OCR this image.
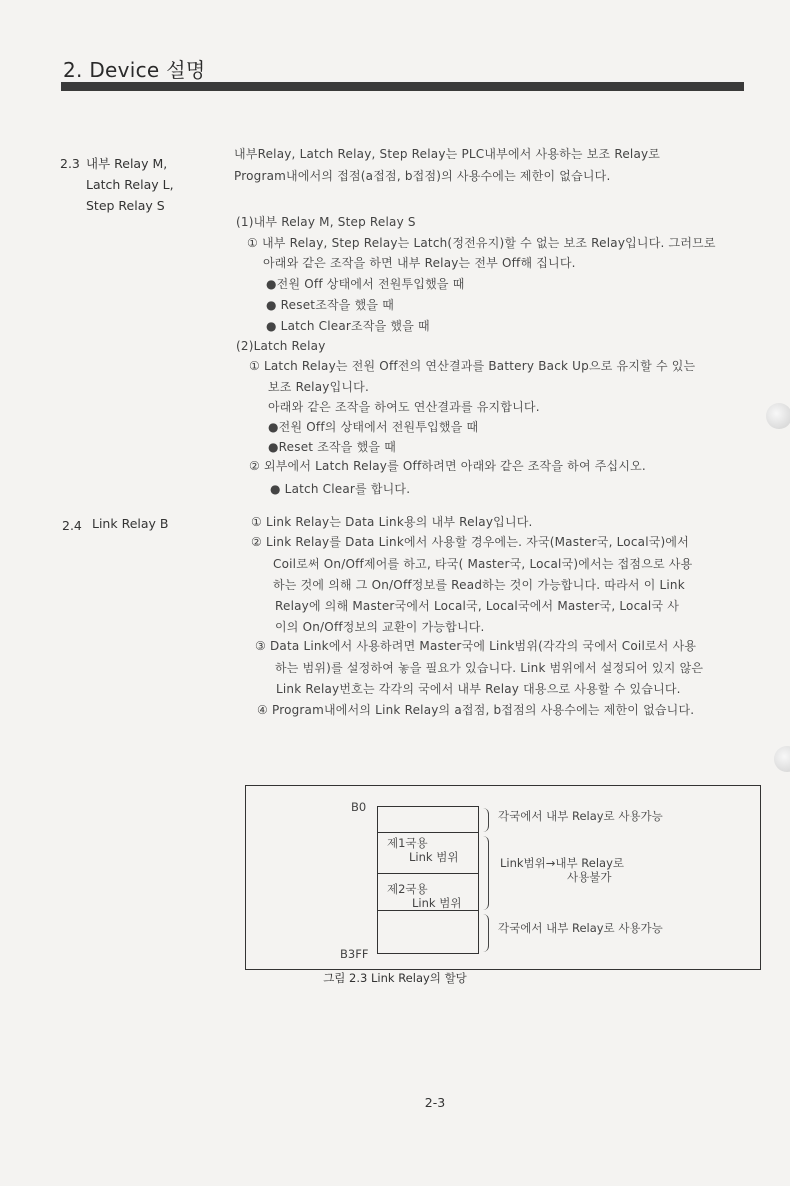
2. Device 설명
2.3 내부 Relay M,
Latch Relay L,
Step Relay S
내부Relay, Latch Relay, Step Relay는 PLC내부에서 사용하는 보조 Relay로
Program내에서의 접점(a접점, b접점)의 사용수에는 제한이 없습니다.
(1)내부 Relay M, Step Relay S
① 내부 Relay, Step Relay는 Latch(정전유지)할 수 없는 보조 Relay입니다. 그러므로
아래와 같은 조작을 하면 내부 Relay는 전부 Off해 집니다.
●전원 Off 상태에서 전원투입했을 때
● Reset조작을 했을 때
● Latch Clear조작을 했을 때
(2)Latch Relay
① Latch Relay는 전원 Off전의 연산결과를 Battery Back Up으로 유지할 수 있는
보조 Relay입니다.
아래와 같은 조작을 하여도 연산결과를 유지합니다.
●전원 Off의 상태에서 전원투입했을 때
●Reset 조작을 했을 때
② 외부에서 Latch Relay를 Off하려면 아래와 같은 조작을 하여 주십시오.
● Latch Clear를 합니다.
2.4 Link Relay B	① Link Relay는 Data Link용의 내부 Relay입니다.
② Link Relay를 Data Link에서 사용할 경우에는. 자국(Master국, Local국)에서
Coil로써 On/Off제어를 하고, 타국( Master국, Local국)에서는 접점으로 사용
하는 것에 의해 그 On/Off정보를 Read하는 것이 가능합니다. 따라서 이 Link
Relay에 의해 Master국에서 Local국, Local국에서 Master국, Local국 사
이의 On/Off정보의 교환이 가능합니다.
③ Data Link에서 사용하려면 Master국에 Link범위(각각의 국에서 Coil로서 사용
하는 범위)를 설정하여 놓을 필요가 있습니다. Link 범위에서 설정되어 있지 않은
Link Relay번호는 각각의 국에서 내부 Relay 대용으로 사용할 수 있습니다.
④ Program내에서의 Link Relay의 a접점, b접점의 사용수에는 제한이 없습니다.
B0
B3FF
제1국용
Link 범위
제2국용
Link 범위
각국에서 내부 Relay로 사용가능
Link범위→내부 Relay로
사용불가
각국에서 내부 Relay로 사용가능
그림 2.3 Link Relay의 할당
2-3
